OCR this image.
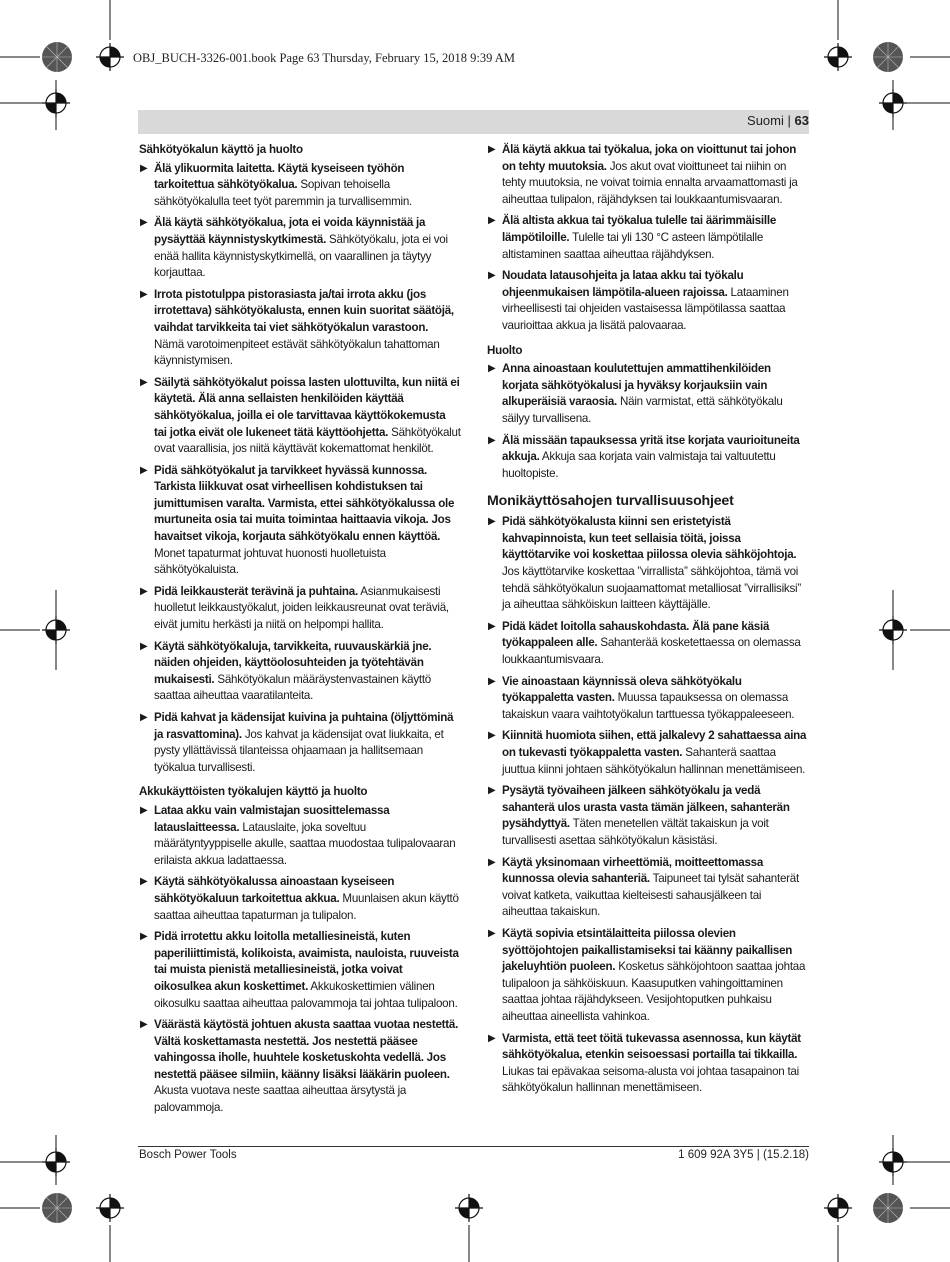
OBJ_BUCH-3326-001.book Page 63 Thursday, February 15, 2018 9:39 AM
Suomi | 63
Sähkötyökalun käyttö ja huolto
▶ Älä ylikuormita laitetta. Käytä kyseiseen työhön tarkoitettua sähkötyökalua. Sopivan tehoisella sähkötyökalulla teet työt paremmin ja turvallisemmin.
▶ Älä käytä sähkötyökalua, jota ei voida käynnistää ja pysäyttää käynnistyskytkimestä. Sähkötyökalu, jota ei voi enää hallita käynnistyskytkimellä, on vaarallinen ja täytyy korjauttaa.
▶ Irrota pistotulppa pistorasiasta ja/tai irrota akku (jos irrotettava) sähkötyökalusta, ennen kuin suoritat säätöjä, vaihdat tarvikkeita tai viet sähkötyökalun varastoon. Nämä varotoimenpiteet estävät sähkötyökalun tahattoman käynnistymisen.
▶ Säilytä sähkötyökalut poissa lasten ulottuvilta, kun niitä ei käytetä. Älä anna sellaisten henkilöiden käyttää sähkötyökalua, joilla ei ole tarvittavaa käyttökokemusta tai jotka eivät ole lukeneet tätä käyttöohjetta. Sähkötyökalut ovat vaarallisia, jos niitä käyttävät kokemattomat henkilöt.
▶ Pidä sähkötyökalut ja tarvikkeet hyvässä kunnossa. Tarkista liikkuvat osat virheellisen kohdistuksen tai jumittumisen varalta. Varmista, ettei sähkötyökalussa ole murtuneita osia tai muita toimintaa haittaavia vikoja. Jos havaitset vikoja, korjauta sähkötyökalu ennen käyttöä. Monet tapaturmat johtuvat huonosti huolletuista sähkötyökaluista.
▶ Pidä leikkausterät terävinä ja puhtaina. Asianmukaisesti huolletut leikkaustyökalut, joiden leikkausreunat ovat teräviä, eivät jumitu herkästi ja niitä on helpompi hallita.
▶ Käytä sähkötyökaluja, tarvikkeita, ruuvauskärkiä jne. näiden ohjeiden, käyttöolosuhteiden ja työtehtävän mukaisesti. Sähkötyökalun määräystenvastainen käyttö saattaa aiheuttaa vaaratilanteita.
▶ Pidä kahvat ja kädensijat kuivina ja puhtaina (öljyttöminä ja rasvattomina). Jos kahvat ja kädensijat ovat liukkaita, et pysty yllättävissä tilanteissa ohjaamaan ja hallitsemaan työkalua turvallisesti.
Akkukäyttöisten työkalujen käyttö ja huolto
▶ Lataa akku vain valmistajan suosittelemassa latauslaitteessa. Latauslaite, joka soveltuu määrätyntyyppiselle akulle, saattaa muodostaa tulipalovaaran erilaista akkua ladattaessa.
▶ Käytä sähkötyökalussa ainoastaan kyseiseen sähkötyökaluun tarkoitettua akkua. Muunlaisen akun käyttö saattaa aiheuttaa tapaturman ja tulipalon.
▶ Pidä irrotettu akku loitolla metalliesineistä, kuten paperiliittimistä, kolikoista, avaimista, nauloista, ruuveista tai muista pienistä metalliesineistä, jotka voivat oikosulkea akun koskettimet. Akkukoskettimien välinen oikosulku saattaa aiheuttaa palovammoja tai johtaa tulipaloon.
▶ Väärästä käytöstä johtuen akusta saattaa vuotaa nestettä. Vältä koskettamasta nestettä. Jos nestettä pääsee vahingossa iholle, huuhtele kosketuskohta vedellä. Jos nestettä pääsee silmiin, käänny lisäksi lääkärin puoleen. Akusta vuotava neste saattaa aiheuttaa ärsytystä ja palovammoja.
▶ Älä käytä akkua tai työkalua, joka on vioittunut tai johon on tehty muutoksia. Jos akut ovat vioittuneet tai niihin on tehty muutoksia, ne voivat toimia ennalta arvaamattomasti ja aiheuttaa tulipalon, räjähdyksen tai loukkaantumisvaaran.
▶ Älä altista akkua tai työkalua tulelle tai äärimmäisille lämpötiloille. Tulelle tai yli 130 °C asteen lämpötilalle altistaminen saattaa aiheuttaa räjähdyksen.
▶ Noudata latausohjeita ja lataa akku tai työkalu ohjeenmukaisen lämpötila-alueen rajoissa. Lataaminen virheellisesti tai ohjeiden vastaisessa lämpötilassa saattaa vaurioittaa akkua ja lisätä palovaaraa.
Huolto
▶ Anna ainoastaan koulutettujen ammattihenkilöiden korjata sähkötyökalusi ja hyväksy korjauksiin vain alkuperäisiä varaosia. Näin varmistat, että sähkötyökalu säilyy turvallisena.
▶ Älä missään tapauksessa yritä itse korjata vaurioituneita akkuja. Akkuja saa korjata vain valmistaja tai valtuutettu huoltopiste.
Monikäyttösahojen turvallisuusohjeet
▶ Pidä sähkötyökalusta kiinni sen eristetyistä kahvapinnoista, kun teet sellaisia töitä, joissa käyttötarvike voi koskettaa piilossa olevia sähköjohtoja. Jos käyttötarvike koskettaa ”virrallista” sähköjohtoa, tämä voi tehdä sähkötyökalun suojaamattomat metalliosat ”virrallisiksi” ja aiheuttaa sähköiskun laitteen käyttäjälle.
▶ Pidä kädet loitolla sahauskohdasta. Älä pane käsiä työkappaleen alle. Sahanterää kosketettaessa on olemassa loukkaantumisvaara.
▶ Vie ainoastaan käynnissä oleva sähkötyökalu työkappaletta vasten. Muussa tapauksessa on olemassa takaiskun vaara vaihtotyökalun tarttuessa työkappaleeseen.
▶ Kiinnitä huomiota siihen, että jalkalevy 2 sahattaessa aina on tukevasti työkappaletta vasten. Sahanterä saattaa juuttua kiinni johtaen sähkötyökalun hallinnan menettämiseen.
▶ Pysäytä työvaiheen jälkeen sähkötyökalu ja vedä sahanterä ulos urasta vasta tämän jälkeen, sahanterän pysähdyttyä. Täten menetellen vältät takaiskun ja voit turvallisesti asettaa sähkötyökalun käsistäsi.
▶ Käytä yksinomaan virheettömiä, moitteettomassa kunnossa olevia sahanteriä. Taipuneet tai tylsät sahanterät voivat katketa, vaikuttaa kielteisesti sahausjälkeen tai aiheuttaa takaiskun.
▶ Käytä sopivia etsintälaitteita piilossa olevien syöttöjohtojen paikallistamiseksi tai käänny paikallisen jakeluyhtiön puoleen. Kosketus sähköjohtoon saattaa johtaa tulipaloon ja sähköiskuun. Kaasuputken vahingoittaminen saattaa johtaa räjähdykseen. Vesijohtoputken puhkaisu aiheuttaa aineellista vahinkoa.
▶ Varmista, että teet töitä tukevassa asennossa, kun käytät sähkötyökalua, etenkin seisoessasi portailla tai tikkailla. Liukas tai epävakaa seisoma-alusta voi johtaa tasapainon tai sähkötyökalun hallinnan menettämiseen.
Bosch Power Tools	1 609 92A 3Y5 | (15.2.18)
